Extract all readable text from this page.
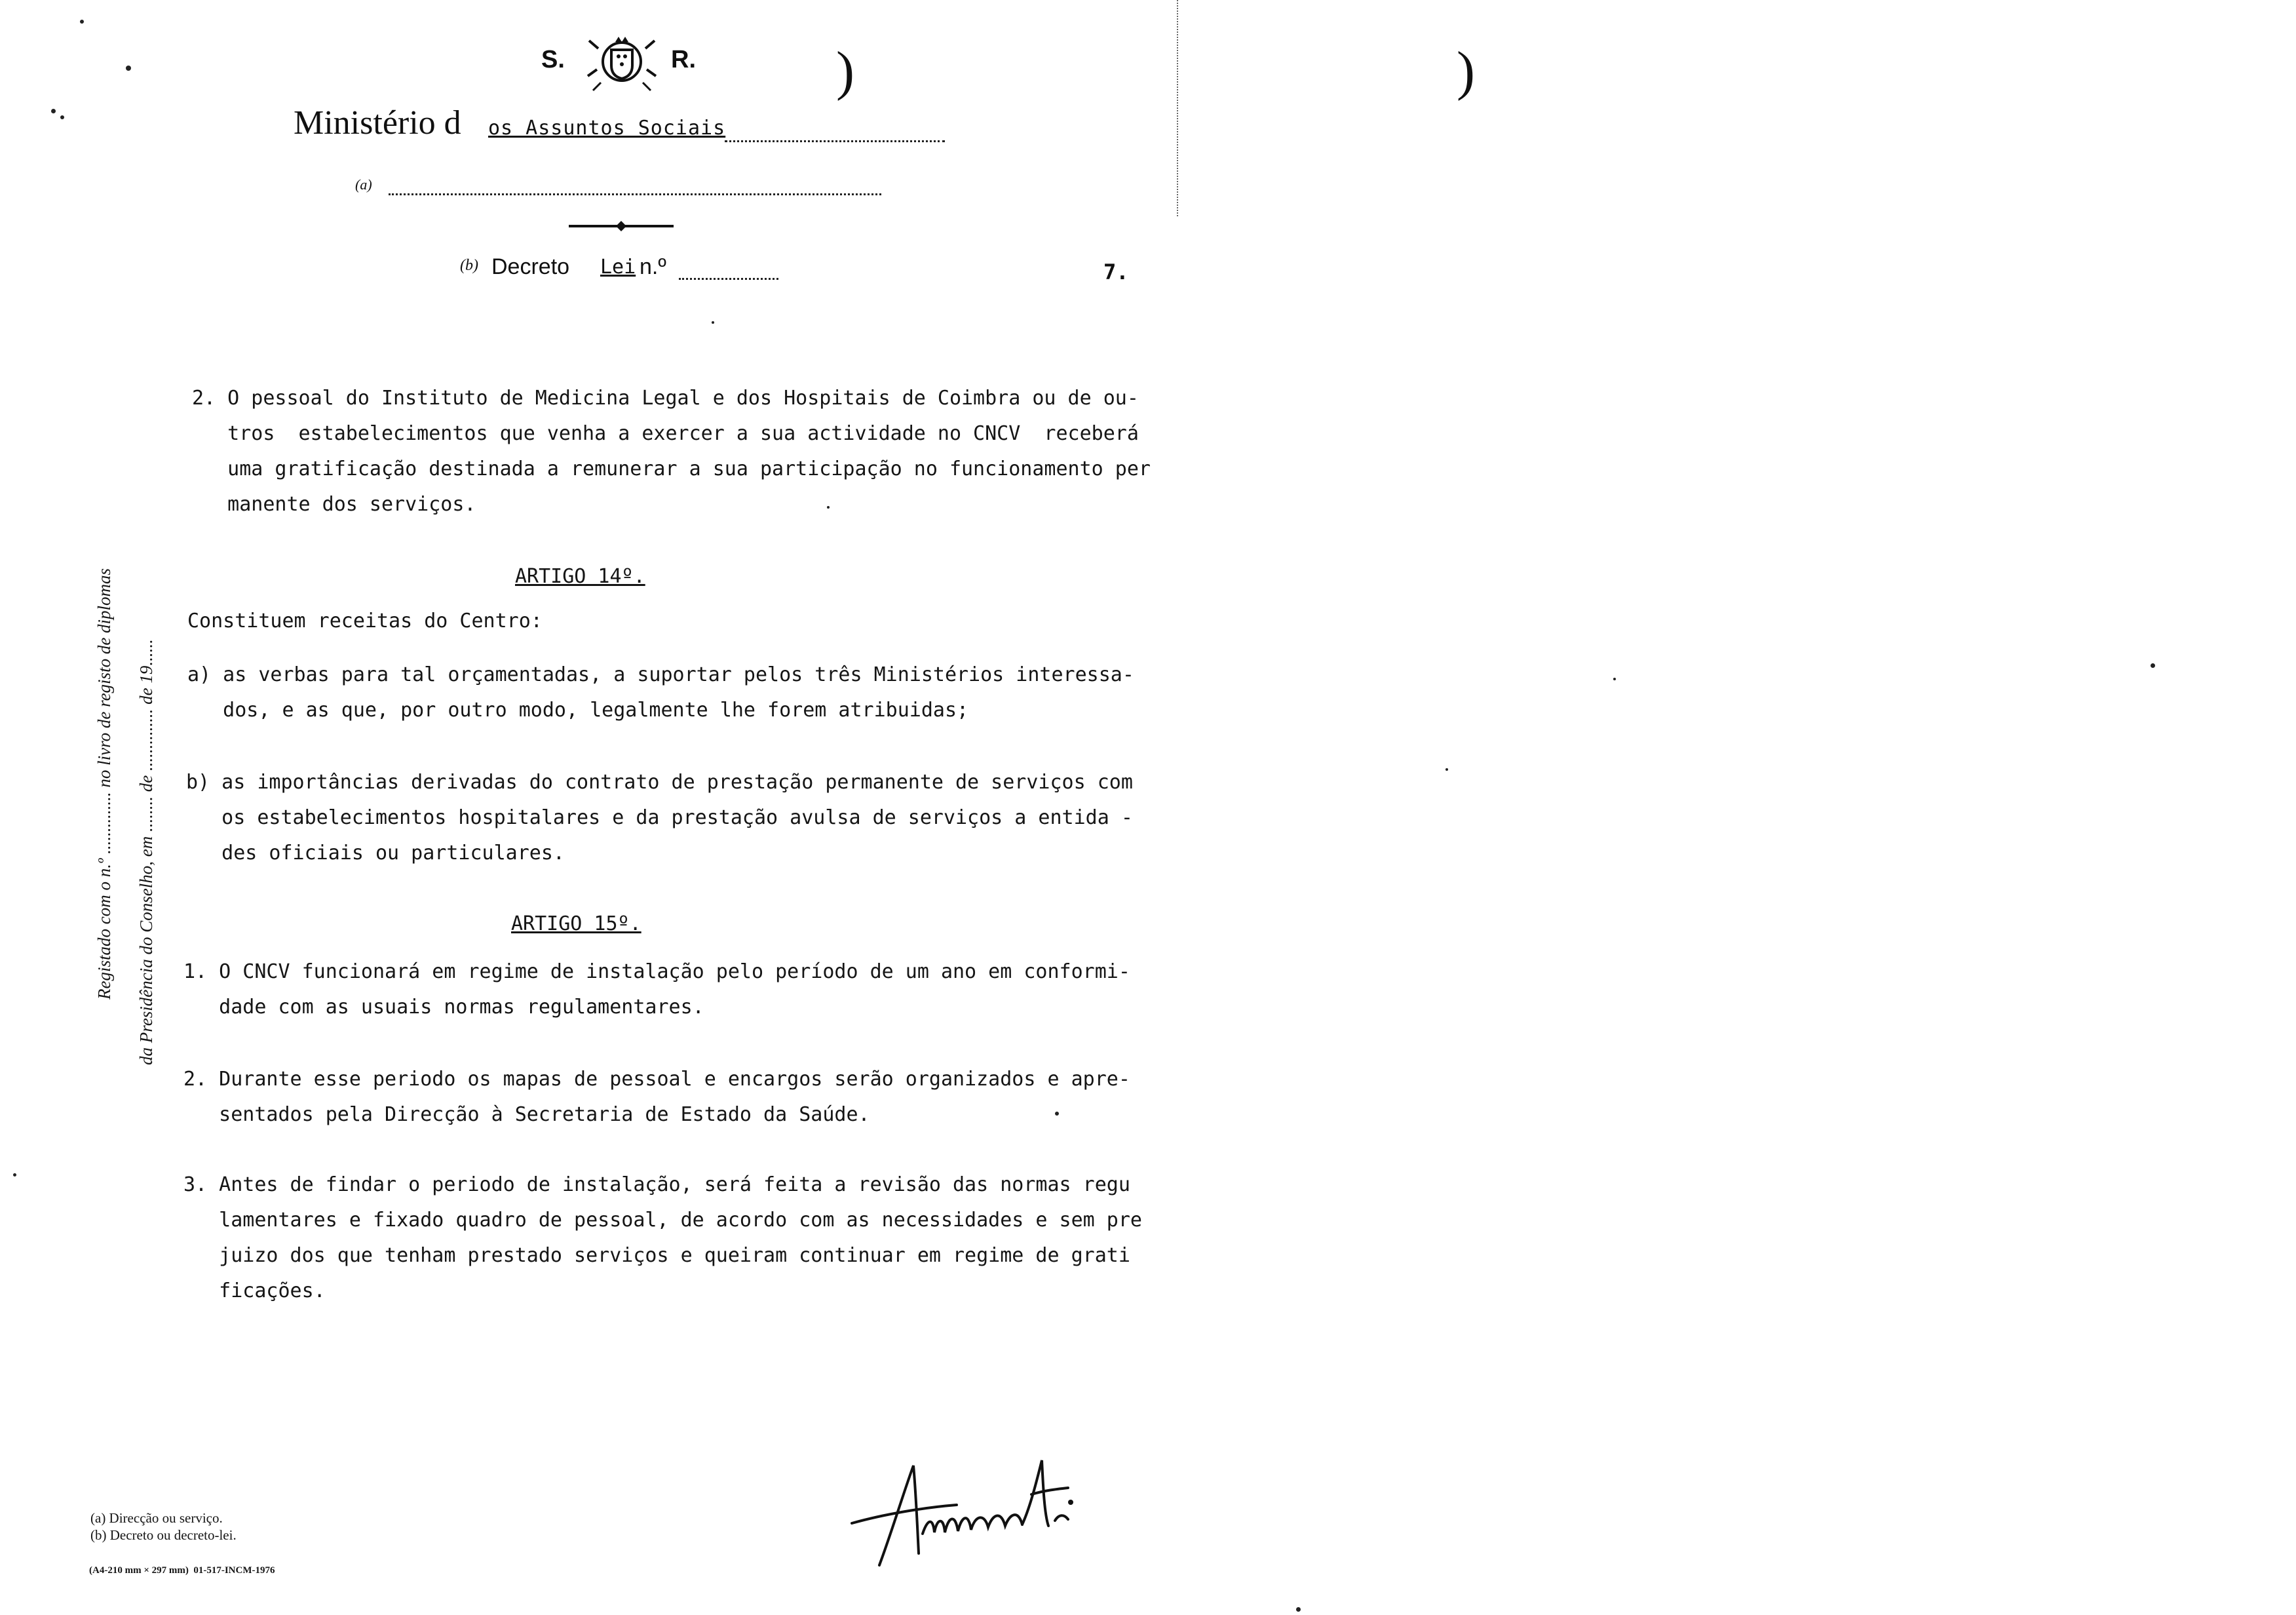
S.	R.	)	)
Ministério d os Assuntos Sociais
(a)
(b) Decreto Lei n.º	7.
Registado com o n.º .............. no livro de registo de diplomas da Presidência do Conselho, em ........ de .............. de 19......
2. O pessoal do Instituto de Medicina Legal e dos Hospitais de Coimbra ou de ou-
tros  estabelecimentos que venha a exercer a sua actividade no CNCV  receberá
uma gratificação destinada a remunerar a sua participação no funcionamento per
manente dos serviços.
ARTIGO 14º.
Constituem receitas do Centro:
a) as verbas para tal orçamentadas, a suportar pelos três Ministérios interessa-
dos, e as que, por outro modo, legalmente lhe forem atribuidas;
b) as importâncias derivadas do contrato de prestação permanente de serviços com
os estabelecimentos hospitalares e da prestação avulsa de serviços a entida -
des oficiais ou particulares.
ARTIGO 15º.
1. O CNCV funcionará em regime de instalação pelo período de um ano em conformi-
dade com as usuais normas regulamentares.
2. Durante esse periodo os mapas de pessoal e encargos serão organizados e apre-
sentados pela Direcção à Secretaria de Estado da Saúde.
3. Antes de findar o periodo de instalação, será feita a revisão das normas regu
lamentares e fixado quadro de pessoal, de acordo com as necessidades e sem pre
juizo dos que tenham prestado serviços e queiram continuar em regime de grati
ficações.
(a) Direcção ou serviço.
(b) Decreto ou decreto-lei.
(A4-210 mm × 297 mm)  01-517-INCM-1976
